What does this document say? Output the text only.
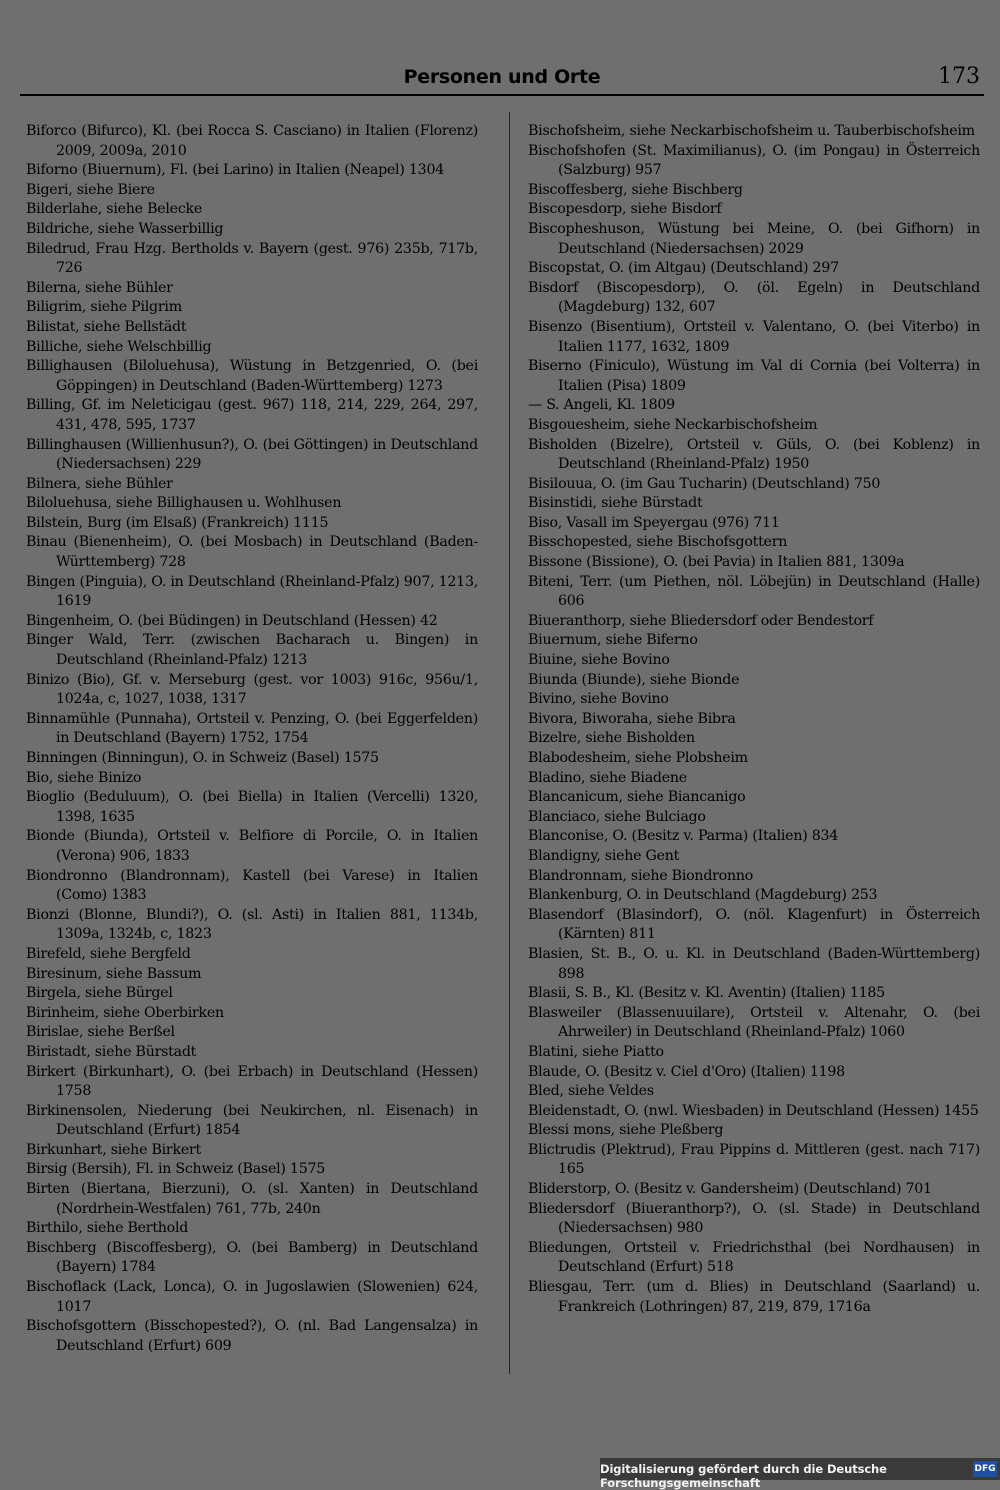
Personen und Orte	173
Biforco (Bifurco), Kl. (bei Rocca S. Casciano) in Italien (Florenz) 2009, 2009a, 2010
Biforno (Biuernum), Fl. (bei Larino) in Italien (Neapel) 1304
Bigeri, siehe Biere
Bilderlahe, siehe Belecke
Bildriche, siehe Wasserbillig
Biledrud, Frau Hzg. Bertholds v. Bayern (gest. 976) 235b, 717b, 726
Bilerna, siehe Bühler
Biligrim, siehe Pilgrim
Bilistat, siehe Bellstädt
Billiche, siehe Welschbillig
Billighausen (Biloluehusa), Wüstung in Betzgenried, O. (bei Göppingen) in Deutschland (Baden-Württemberg) 1273
Billing, Gf. im Neleticigau (gest. 967) 118, 214, 229, 264, 297, 431, 478, 595, 1737
Billinghausen (Willienhusun?), O. (bei Göttingen) in Deutschland (Niedersachsen) 229
Bilnera, siehe Bühler
Biloluehusa, siehe Billighausen u. Wohlhusen
Bilstein, Burg (im Elsaß) (Frankreich) 1115
Binau (Bienenheim), O. (bei Mosbach) in Deutschland (Baden-Württemberg) 728
Bingen (Pinguia), O. in Deutschland (Rheinland-Pfalz) 907, 1213, 1619
Bingenheim, O. (bei Büdingen) in Deutschland (Hessen) 42
Binger Wald, Terr. (zwischen Bacharach u. Bingen) in Deutschland (Rheinland-Pfalz) 1213
Binizo (Bio), Gf. v. Merseburg (gest. vor 1003) 916c, 956u/1, 1024a, c, 1027, 1038, 1317
Binnamühle (Punnaha), Ortsteil v. Penzing, O. (bei Eggerfelden) in Deutschland (Bayern) 1752, 1754
Binningen (Binningun), O. in Schweiz (Basel) 1575
Bio, siehe Binizo
Bioglio (Beduluum), O. (bei Biella) in Italien (Vercelli) 1320, 1398, 1635
Bionde (Biunda), Ortsteil v. Belfiore di Porcile, O. in Italien (Verona) 906, 1833
Biondronno (Blandronnam), Kastell (bei Varese) in Italien (Como) 1383
Bionzi (Blonne, Blundi?), O. (sl. Asti) in Italien 881, 1134b, 1309a, 1324b, c, 1823
Birefeld, siehe Bergfeld
Biresinum, siehe Bassum
Birgela, siehe Bürgel
Birinheim, siehe Oberbirken
Birislae, siehe Berßel
Biristadt, siehe Bürstadt
Birkert (Birkunhart), O. (bei Erbach) in Deutschland (Hessen) 1758
Birkinensolen, Niederung (bei Neukirchen, nl. Eisenach) in Deutschland (Erfurt) 1854
Birkunhart, siehe Birkert
Birsig (Bersih), Fl. in Schweiz (Basel) 1575
Birten (Biertana, Bierzuni), O. (sl. Xanten) in Deutschland (Nordrhein-Westfalen) 761, 77b, 240n
Birthilo, siehe Berthold
Bischberg (Biscoffesberg), O. (bei Bamberg) in Deutschland (Bayern) 1784
Bischoflack (Lack, Lonca), O. in Jugoslawien (Slowenien) 624, 1017
Bischofsgottern (Bisschopested?), O. (nl. Bad Langensalza) in Deutschland (Erfurt) 609
Bischofsheim, siehe Neckarbischofsheim u. Tauberbischofsheim
Bischofshofen (St. Maximilianus), O. (im Pongau) in Österreich (Salzburg) 957
Biscoffesberg, siehe Bischberg
Biscopesdorp, siehe Bisdorf
Biscopheshuson, Wüstung bei Meine, O. (bei Gifhorn) in Deutschland (Niedersachsen) 2029
Biscopstat, O. (im Altgau) (Deutschland) 297
Bisdorf (Biscopesdorp), O. (öl. Egeln) in Deutschland (Magdeburg) 132, 607
Bisenzo (Bisentium), Ortsteil v. Valentano, O. (bei Viterbo) in Italien 1177, 1632, 1809
Biserno (Finiculo), Wüstung im Val di Cornia (bei Volterra) in Italien (Pisa) 1809
— S. Angeli, Kl. 1809
Bisgouesheim, siehe Neckarbischofsheim
Bisholden (Bizelre), Ortsteil v. Güls, O. (bei Koblenz) in Deutschland (Rheinland-Pfalz) 1950
Bisilouua, O. (im Gau Tucharin) (Deutschland) 750
Bisinstidi, siehe Bürstadt
Biso, Vasall im Speyergau (976) 711
Bisschopested, siehe Bischofsgottern
Bissone (Bissione), O. (bei Pavia) in Italien 881, 1309a
Biteni, Terr. (um Piethen, nöl. Löbejün) in Deutschland (Halle) 606
Biueranthorp, siehe Bliedersdorf oder Bendestorf
Biuernum, siehe Biferno
Biuine, siehe Bovino
Biunda (Biunde), siehe Bionde
Bivino, siehe Bovino
Bivora, Biworaha, siehe Bibra
Bizelre, siehe Bisholden
Blabodesheim, siehe Plobsheim
Bladino, siehe Biadene
Blancanicum, siehe Biancanigo
Blanciaco, siehe Bulciago
Blanconise, O. (Besitz v. Parma) (Italien) 834
Blandigny, siehe Gent
Blandronnam, siehe Biondronno
Blankenburg, O. in Deutschland (Magdeburg) 253
Blasendorf (Blasindorf), O. (nöl. Klagenfurt) in Österreich (Kärnten) 811
Blasien, St. B., O. u. Kl. in Deutschland (Baden-Württemberg) 898
Blasii, S. B., Kl. (Besitz v. Kl. Aventin) (Italien) 1185
Blasweiler (Blassenuuilare), Ortsteil v. Altenahr, O. (bei Ahrweiler) in Deutschland (Rheinland-Pfalz) 1060
Blatini, siehe Piatto
Blaude, O. (Besitz v. Ciel d'Oro) (Italien) 1198
Bled, siehe Veldes
Bleidenstadt, O. (nwl. Wiesbaden) in Deutschland (Hessen) 1455
Blessi mons, siehe Pleßberg
Blictrudis (Plektrud), Frau Pippins d. Mittleren (gest. nach 717) 165
Bliderstorp, O. (Besitz v. Gandersheim) (Deutschland) 701
Bliedersdorf (Biueranthorp?), O. (sl. Stade) in Deutschland (Niedersachsen) 980
Bliedungen, Ortsteil v. Friedrichsthal (bei Nordhausen) in Deutschland (Erfurt) 518
Bliesgau, Terr. (um d. Blies) in Deutschland (Saarland) u. Frankreich (Lothringen) 87, 219, 879, 1716a
Digitalisierung gefördert durch die Deutsche Forschungsgemeinschaft
DFG
